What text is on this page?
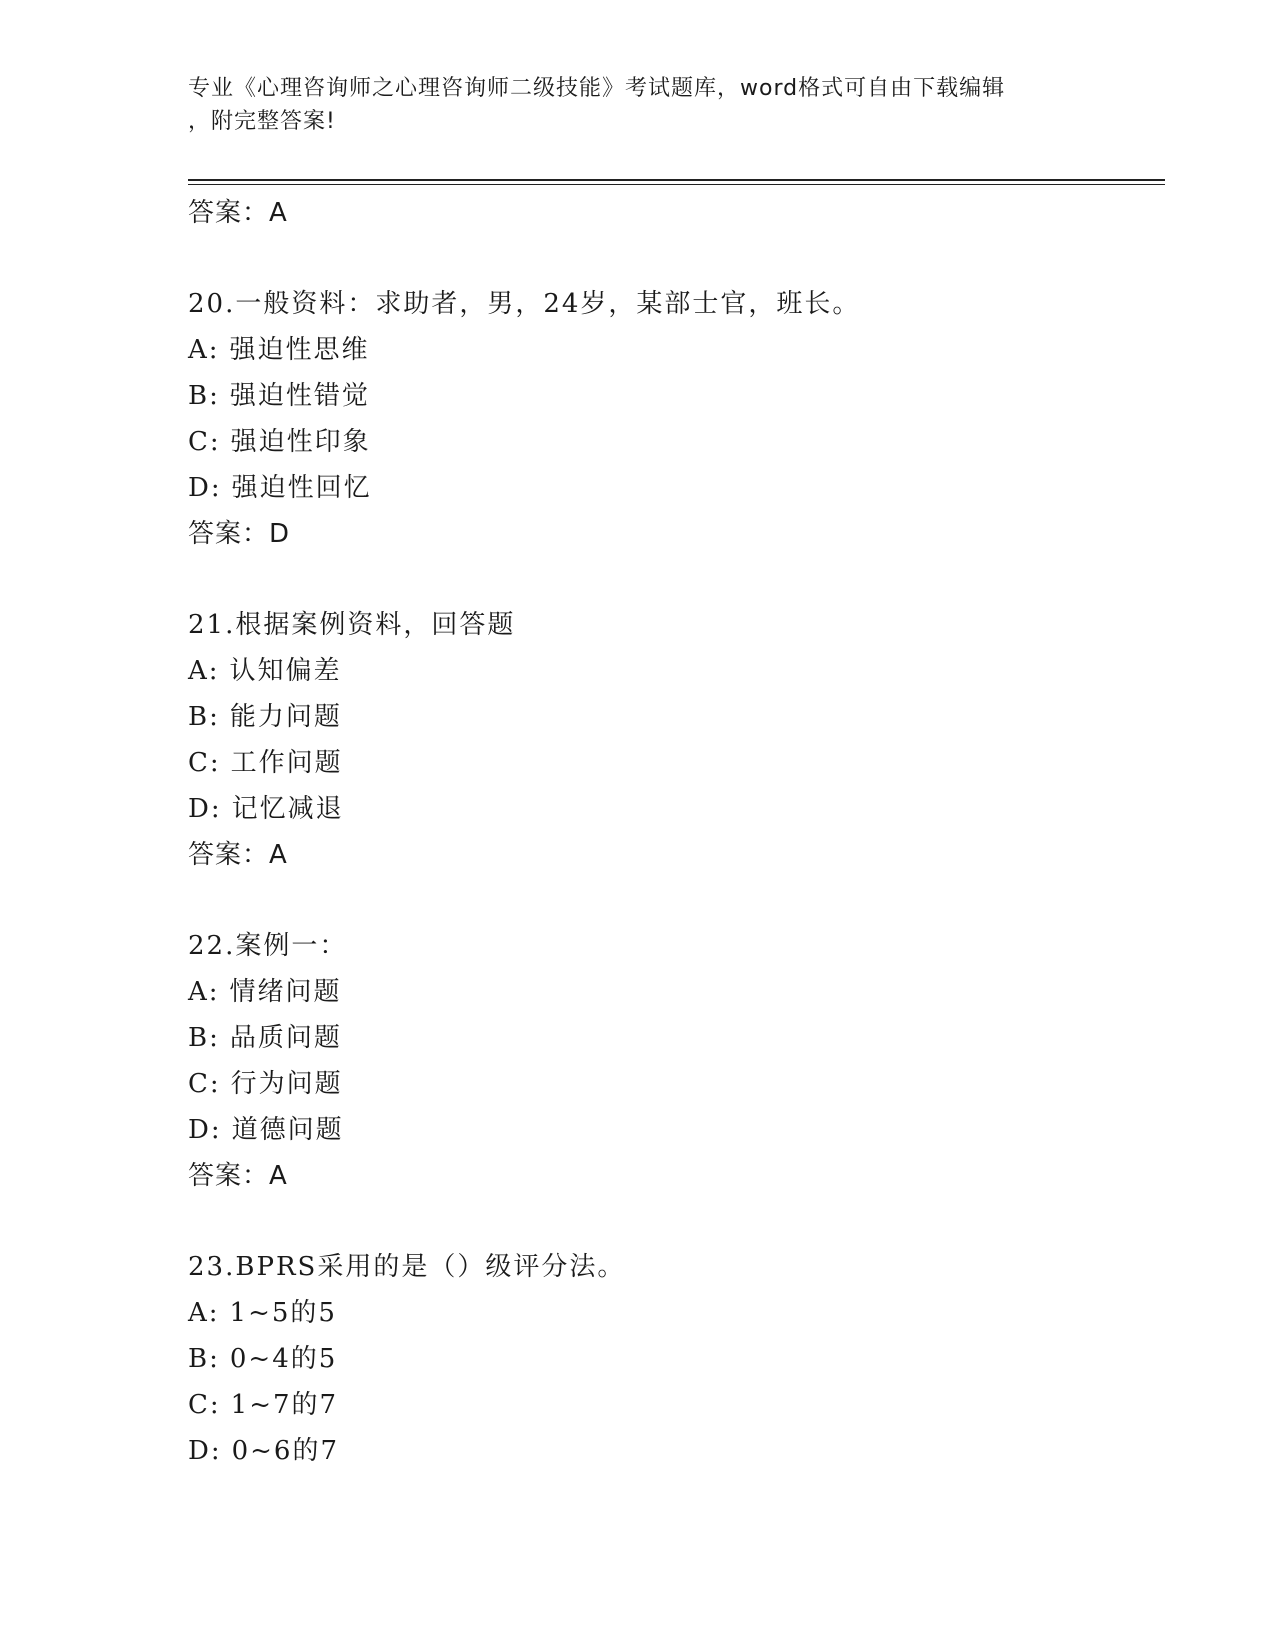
专业《心理咨询师之心理咨询师二级技能》考试题库，word格式可自由下载编辑
，附完整答案!
答案：A
20.一般资料：求助者，男，24岁，某部士官，班长。
A: 强迫性思维
B: 强迫性错觉
C: 强迫性印象
D: 强迫性回忆
答案：D
21.根据案例资料，回答题
A: 认知偏差
B: 能力问题
C: 工作问题
D: 记忆减退
答案：A
22.案例一：
A: 情绪问题
B: 品质问题
C: 行为问题
D: 道德问题
答案：A
23.BPRS采用的是（）级评分法。
A: 1~5的5
B: 0~4的5
C: 1~7的7
D: 0~6的7
